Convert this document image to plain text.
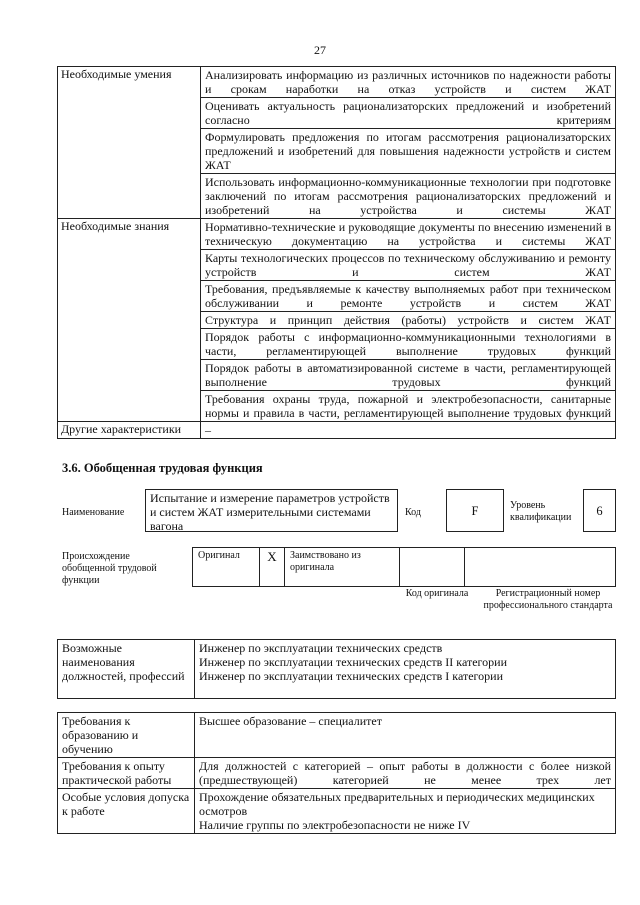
27
Необходимые умения	Анализировать информацию из различных источников по надежности работы и срокам наработки на отказ устройств и систем ЖАТ
	Оценивать актуальность рационализаторских предложений и изобретений согласно критериям
	Формулировать предложения по итогам рассмотрения рационализаторских предложений и изобретений для повышения надежности устройств и систем ЖАТ
	Использовать информационно-коммуникационные технологии при подготовке заключений по итогам рассмотрения рационализаторских предложений и изобретений на устройства и системы ЖАТ
Необходимые знания	Нормативно-технические и руководящие документы по внесению изменений в техническую документацию на устройства и системы ЖАТ
	Карты технологических процессов по техническому обслуживанию и ремонту устройств и систем ЖАТ
	Требования, предъявляемые к качеству выполняемых работ при техническом обслуживании и ремонте устройств и систем ЖАТ
	Структура и принцип действия (работы) устройств и систем ЖАТ
	Порядок работы с информационно-коммуникационными технологиями в части, регламентирующей выполнение трудовых функций
	Порядок работы в автоматизированной системе в части, регламентирующей выполнение трудовых функций
	Требования охраны труда, пожарной и электробезопасности, санитарные нормы и правила в части, регламентирующей выполнение трудовых функций
Другие характеристики	–
3.6. Обобщенная трудовая функция
Наименование
Испытание и измерение параметров устройств и систем ЖАТ измерительными системами вагона
Код	F	Уровень квалификации	6
Происхождение обобщенной трудовой функции
Оригинал	X	Заимствовано из оригинала		
Код оригинала	Регистрационный номер профессионального стандарта
Возможные наименования должностей, профессий	
Инженер по эксплуатации технических средств
Инженер по эксплуатации технических средств II категории
Инженер по эксплуатации технических средств I категории
Требования к образованию и обучению	Высшее образование – специалитет
Требования к опыту практической работы	Для должностей с категорией – опыт работы в должности с более низкой (предшествующей) категорией не менее трех лет
Особые условия допуска к работе	Прохождение обязательных предварительных и периодических медицинских осмотров
Наличие группы по электробезопасности не ниже IV
